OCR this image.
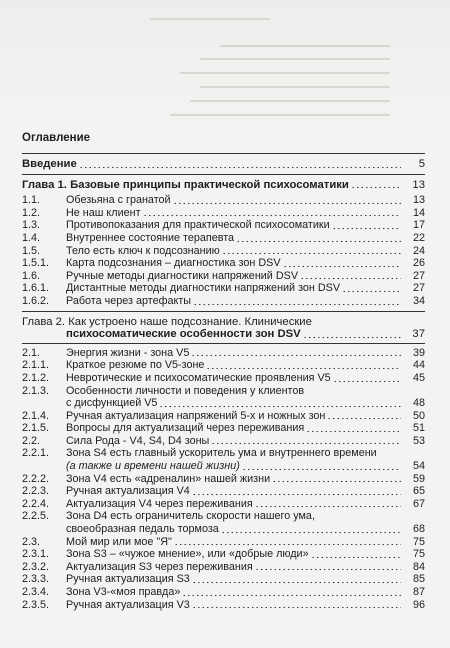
Оглавление
Введение	5
Глава 1. Базовые принципы практической психосоматики	13
1.1.	Обезьяна с гранатой	13
1.2.	Не наш клиент	14
1.3.	Противопоказания для практической психосоматики	17
1.4.	Внутреннее состояние терапевта	22
1.5.	Тело есть ключ к подсознанию	24
1.5.1.	Карта подсознания – диагностика зон DSV	26
1.6.	Ручные методы диагностики напряжений DSV	27
1.6.1.	Дистантные методы диагностики напряжений зон DSV	27
1.6.2.	Работа через артефакты	34
Глава 2. Как устроено наше подсознание. Клинические
психосоматические особенности зон DSV	37
2.1.	Энергия жизни - зона V5	39
2.1.1.	Краткое резюме по V5-зоне	44
2.1.2.	Невротические и психосоматические проявления V5	45
2.1.3.	Особенности личности и поведения у клиентов
с дисфункцией V5	48
2.1.4.	Ручная актуализация напряжений 5-х и ножных зон	50
2.1.5.	Вопросы для актуализаций через переживания	51
2.2.	Сила Рода - V4, S4, D4 зоны	53
2.2.1.	Зона S4 есть главный ускоритель ума и внутреннего времени
(а также и времени нашей жизни)	54
2.2.2.	Зона V4 есть «адреналин» нашей жизни	59
2.2.3.	Ручная актуализация V4	65
2.2.4.	Актуализация V4 через переживания	67
2.2.5.	Зона D4 есть ограничитель скорости нашего ума,
своеобразная педаль тормоза	68
2.3.	Мой мир или мое "Я"	75
2.3.1.	Зона S3 – «чужое мнение», или «добрые люди»	75
2.3.2.	Актуализация S3 через переживания	84
2.3.3.	Ручная актуализация S3	85
2.3.4.	Зона V3-«моя правда»	87
2.3.5.	Ручная актуализация V3	96
